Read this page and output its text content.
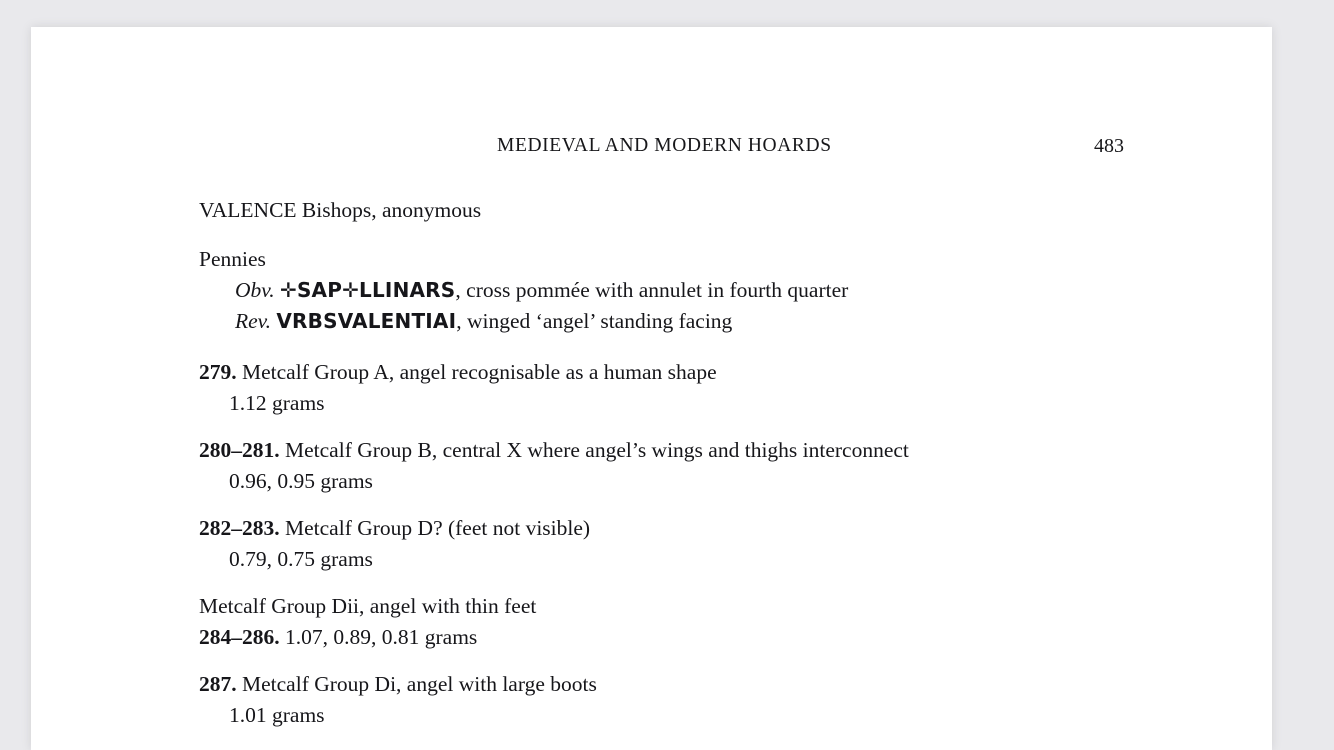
MEDIEVAL AND MODERN HOARDS	483
VALENCE Bishops, anonymous
Pennies
Obv. ✛SAP✛LLINARS, cross pommée with annulet in fourth quarter
Rev. VRBSVALENTIAI, winged ‘angel’ standing facing
279. Metcalf Group A, angel recognisable as a human shape
1.12 grams
280–281. Metcalf Group B, central X where angel’s wings and thighs interconnect
0.96, 0.95 grams
282–283. Metcalf Group D? (feet not visible)
0.79, 0.75 grams
Metcalf Group Dii, angel with thin feet
284–286. 1.07, 0.89, 0.81 grams
287. Metcalf Group Di, angel with large boots
1.01 grams
